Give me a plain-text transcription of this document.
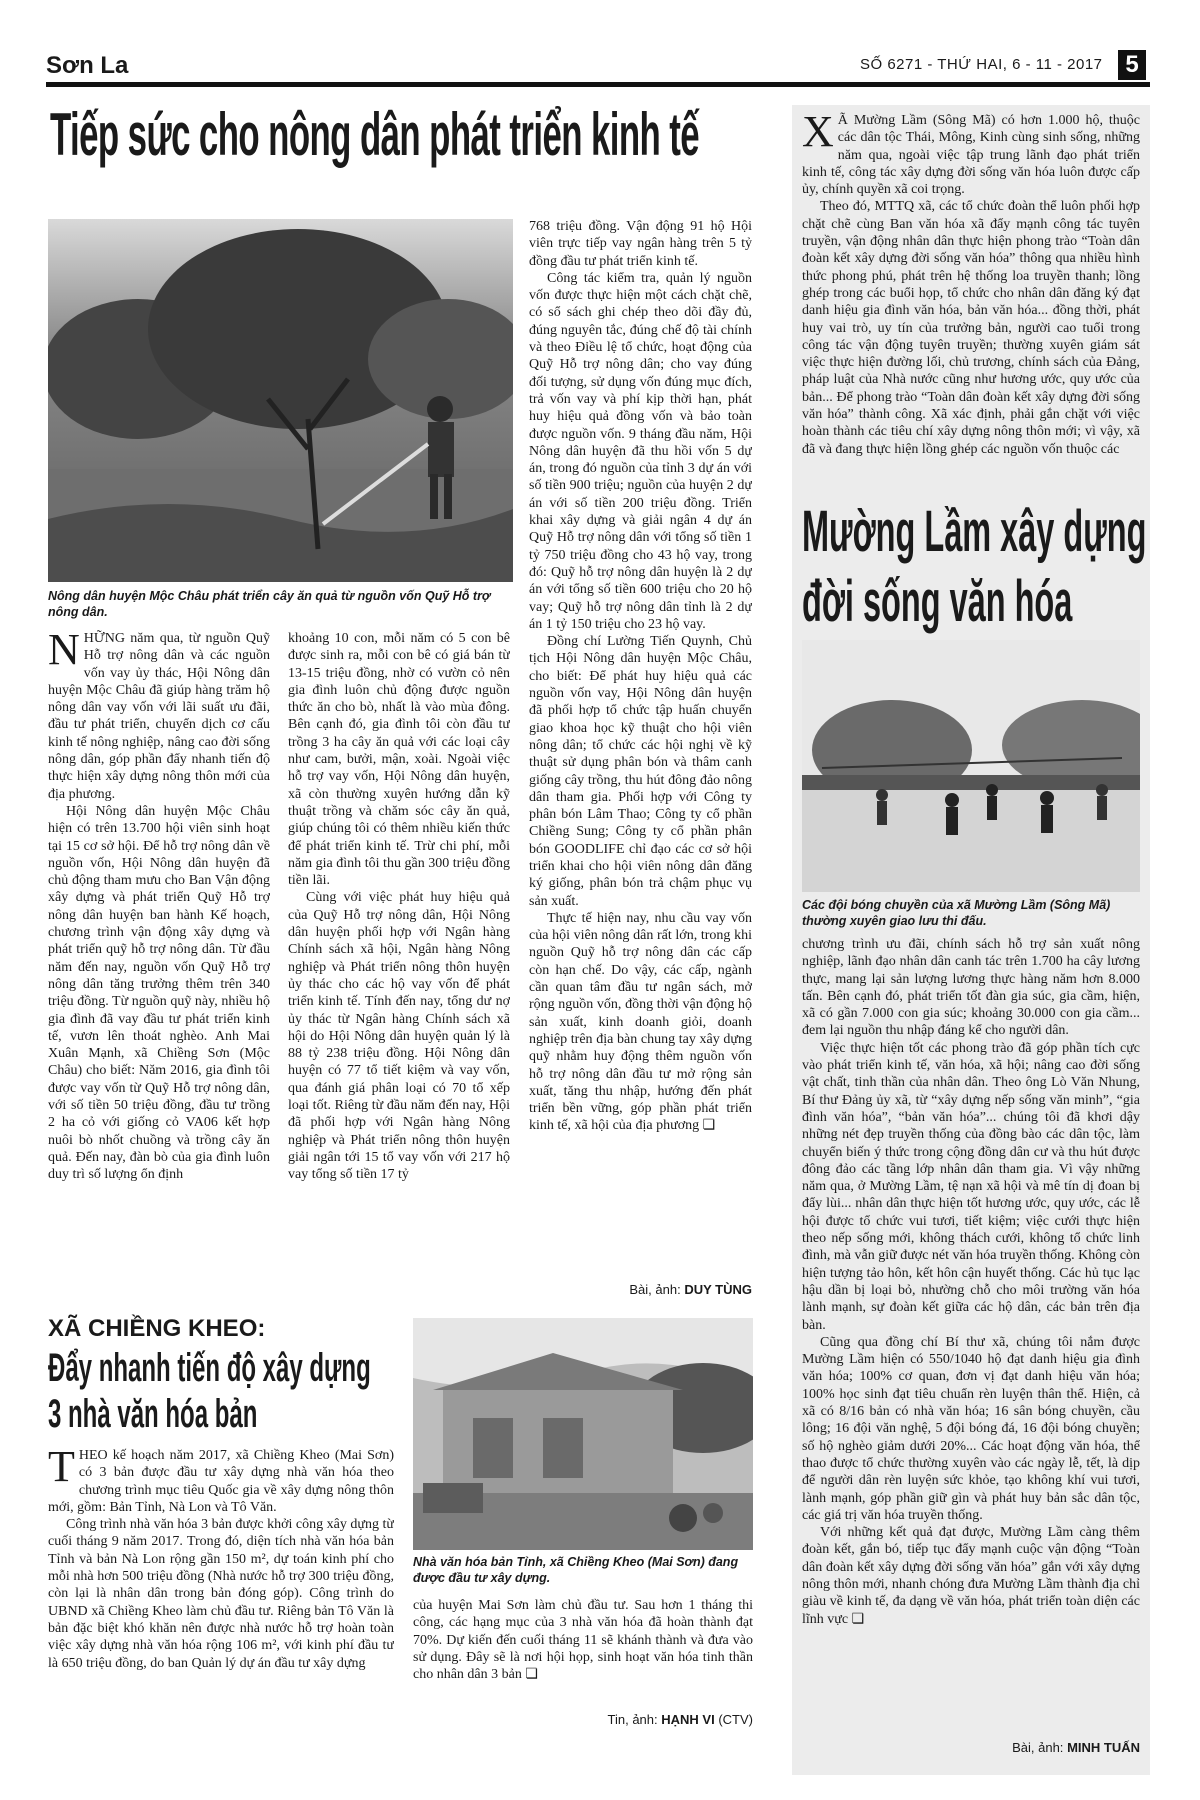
Sơn La	SỐ 6271 - THỨ HAI, 6 - 11 - 2017 5
Tiếp sức cho nông dân phát triển kinh tế
Nông dân huyện Mộc Châu phát triển cây ăn quả từ nguồn vốn Quỹ Hỗ trợ nông dân.

NHỮNG năm qua, từ nguồn Quỹ Hỗ trợ nông dân và các nguồn vốn vay ủy thác, Hội Nông dân huyện Mộc Châu đã giúp hàng trăm hộ nông dân vay vốn với lãi suất ưu đãi, đầu tư phát triển, chuyển dịch cơ cấu kinh tế nông nghiệp, nâng cao đời sống nông dân, góp phần đẩy nhanh tiến độ thực hiện xây dựng nông thôn mới của địa phương.

Hội Nông dân huyện Mộc Châu hiện có trên 13.700 hội viên sinh hoạt tại 15 cơ sở hội. Để hỗ trợ nông dân về nguồn vốn, Hội Nông dân huyện đã chủ động tham mưu cho Ban Vận động xây dựng và phát triển Quỹ Hỗ trợ nông dân huyện ban hành Kế hoạch, chương trình vận động xây dựng và phát triển quỹ hỗ trợ nông dân. Từ đầu năm đến nay, nguồn vốn Quỹ Hỗ trợ nông dân tăng trưởng thêm trên 340 triệu đồng. Từ nguồn quỹ này, nhiều hộ gia đình đã vay đầu tư phát triển kinh tế, vươn lên thoát nghèo. Anh Mai Xuân Mạnh, xã Chiềng Sơn (Mộc Châu) cho biết: Năm 2016, gia đình tôi được vay vốn từ Quỹ Hỗ trợ nông dân, với số tiền 50 triệu đồng, đầu tư trồng 2 ha cỏ với giống cỏ VA06 kết hợp nuôi bò nhốt chuồng và trồng cây ăn quả. Đến nay, đàn bò của gia đình luôn duy trì số lượng ổn định

khoảng 10 con, mỗi năm có 5 con bê được sinh ra, mỗi con bê có giá bán từ 13-15 triệu đồng, nhờ có vườn cỏ nên gia đình luôn chủ động được nguồn thức ăn cho bò, nhất là vào mùa đông. Bên cạnh đó, gia đình tôi còn đầu tư trồng 3 ha cây ăn quả với các loại cây như cam, bưởi, mận, xoài. Ngoài việc hỗ trợ vay vốn, Hội Nông dân huyện, xã còn thường xuyên hướng dẫn kỹ thuật trồng và chăm sóc cây ăn quả, giúp chúng tôi có thêm nhiều kiến thức để phát triển kinh tế. Trừ chi phí, mỗi năm gia đình tôi thu gần 300 triệu đồng tiền lãi.

Cùng với việc phát huy hiệu quả của Quỹ Hỗ trợ nông dân, Hội Nông dân huyện phối hợp với Ngân hàng Chính sách xã hội, Ngân hàng Nông nghiệp và Phát triển nông thôn huyện ủy thác cho các hộ vay vốn để phát triển kinh tế. Tính đến nay, tổng dư nợ ủy thác từ Ngân hàng Chính sách xã hội do Hội Nông dân huyện quản lý là 88 tỷ 238 triệu đồng. Hội Nông dân huyện có 77 tổ tiết kiệm và vay vốn, qua đánh giá phân loại có 70 tổ xếp loại tốt. Riêng từ đầu năm đến nay, Hội đã phối hợp với Ngân hàng Nông nghiệp và Phát triển nông thôn huyện giải ngân tới 15 tổ vay vốn với 217 hộ vay tổng số tiền 17 tỷ

768 triệu đồng. Vận động 91 hộ Hội viên trực tiếp vay ngân hàng trên 5 tỷ đồng đầu tư phát triển kinh tế.

Công tác kiểm tra, quản lý nguồn vốn được thực hiện một cách chặt chẽ, có sổ sách ghi chép theo dõi đầy đủ, đúng nguyên tắc, đúng chế độ tài chính và theo Điều lệ tổ chức, hoạt động của Quỹ Hỗ trợ nông dân; cho vay đúng đối tượng, sử dụng vốn đúng mục đích, trả vốn vay và phí kịp thời hạn, phát huy hiệu quả đồng vốn và bảo toàn được nguồn vốn. 9 tháng đầu năm, Hội Nông dân huyện đã thu hồi vốn 5 dự án, trong đó nguồn của tỉnh 3 dự án với số tiền 900 triệu; nguồn của huyện 2 dự án với số tiền 200 triệu đồng. Triển khai xây dựng và giải ngân 4 dự án Quỹ Hỗ trợ nông dân với tổng số tiền 1 tỷ 750 triệu đồng cho 43 hộ vay, trong đó: Quỹ hỗ trợ nông dân huyện là 2 dự án với tổng số tiền 600 triệu cho 20 hộ vay; Quỹ hỗ trợ nông dân tỉnh là 2 dự án 1 tỷ 150 triệu cho 23 hộ vay.

Đồng chí Lường Tiến Quynh, Chủ tịch Hội Nông dân huyện Mộc Châu, cho biết: Để phát huy hiệu quả các nguồn vốn vay, Hội Nông dân huyện đã phối hợp tổ chức tập huấn chuyển giao khoa học kỹ thuật cho hội viên nông dân; tổ chức các hội nghị về kỹ thuật sử dụng phân bón và thâm canh giống cây trồng, thu hút đông đảo nông dân tham gia. Phối hợp với Công ty phân bón Lâm Thao; Công ty cổ phần Chiềng Sung; Công ty cổ phần phân bón GOODLIFE chỉ đạo các cơ sở hội triển khai cho hội viên nông dân đăng ký giống, phân bón trả chậm phục vụ sản xuất.

Thực tế hiện nay, nhu cầu vay vốn của hội viên nông dân rất lớn, trong khi nguồn Quỹ hỗ trợ nông dân các cấp còn hạn chế. Do vậy, các cấp, ngành cần quan tâm đầu tư ngân sách, mở rộng nguồn vốn, đồng thời vận động hộ sản xuất, kinh doanh giỏi, doanh nghiệp trên địa bàn chung tay xây dựng quỹ nhằm huy động thêm nguồn vốn hỗ trợ nông dân đầu tư mở rộng sản xuất, tăng thu nhập, hướng đến phát triển bền vững, góp phần phát triển kinh tế, xã hội của địa phương ❏

Bài, ảnh: DUY TÙNG
XÃ CHIỀNG KHEO:
Đẩy nhanh tiến độ xây dựng
3 nhà văn hóa bản
Nhà văn hóa bản Tỉnh, xã Chiềng Kheo (Mai Sơn) đang được đầu tư xây dựng.

THEO kế hoạch năm 2017, xã Chiềng Kheo (Mai Sơn) có 3 bản được đầu tư xây dựng nhà văn hóa theo chương trình mục tiêu Quốc gia về xây dựng nông thôn mới, gồm: Bản Tỉnh, Nà Lon và Tô Văn.

Công trình nhà văn hóa 3 bản được khởi công xây dựng từ cuối tháng 9 năm 2017. Trong đó, diện tích nhà văn hóa bản Tỉnh và bản Nà Lon rộng gần 150 m², dự toán kinh phí cho mỗi nhà hơn 500 triệu đồng (Nhà nước hỗ trợ 300 triệu đồng, còn lại là nhân dân trong bản đóng góp). Công trình do UBND xã Chiềng Kheo làm chủ đầu tư. Riêng bản Tô Văn là bản đặc biệt khó khăn nên được nhà nước hỗ trợ hoàn toàn việc xây dựng nhà văn hóa rộng 106 m², với kinh phí đầu tư là 650 triệu đồng, do ban Quản lý dự án đầu tư xây dựng

của huyện Mai Sơn làm chủ đầu tư. Sau hơn 1 tháng thi công, các hạng mục của 3 nhà văn hóa đã hoàn thành đạt 70%. Dự kiến đến cuối tháng 11 sẽ khánh thành và đưa vào sử dụng. Đây sẽ là nơi hội họp, sinh hoạt văn hóa tinh thần cho nhân dân 3 bản ❏

Tin, ảnh: HẠNH VI (CTV)

X Ã Mường Lầm (Sông Mã) có hơn 1.000 hộ, thuộc các dân tộc Thái, Mông, Kinh cùng sinh sống, những năm qua, ngoài việc tập trung lãnh đạo phát triển kinh tế, công tác xây dựng đời sống văn hóa luôn được cấp ủy, chính quyền xã coi trọng.

Theo đó, MTTQ xã, các tổ chức đoàn thể luôn phối hợp chặt chẽ cùng Ban văn hóa xã đẩy mạnh công tác tuyên truyền, vận động nhân dân thực hiện phong trào “Toàn dân đoàn kết xây dựng đời sống văn hóa” thông qua nhiều hình thức phong phú, phát trên hệ thống loa truyền thanh; lồng ghép trong các buổi họp, tổ chức cho nhân dân đăng ký đạt danh hiệu gia đình văn hóa, bản văn hóa... đồng thời, phát huy vai trò, uy tín của trưởng bản, người cao tuổi trong công tác vận động tuyên truyền; thường xuyên giám sát việc thực hiện đường lối, chủ trương, chính sách của Đảng, pháp luật của Nhà nước cũng như hương ước, quy ước của bản... Để phong trào “Toàn dân đoàn kết xây dựng đời sống văn hóa” thành công. Xã xác định, phải gắn chặt với việc hoàn thành các tiêu chí xây dựng nông thôn mới; vì vậy, xã đã và đang thực hiện lồng ghép các nguồn vốn thuộc các

Mường Lầm xây dựng
đời sống văn hóa
Các đội bóng chuyền của xã Mường Lầm (Sông Mã) thường xuyên giao lưu thi đấu.

chương trình ưu đãi, chính sách hỗ trợ sản xuất nông nghiệp, lãnh đạo nhân dân canh tác trên 1.700 ha cây lương thực, mang lại sản lượng lương thực hàng năm hơn 8.000 tấn. Bên cạnh đó, phát triển tốt đàn gia súc, gia cầm, hiện, xã có gần 7.000 con gia súc; khoảng 30.000 con gia cầm... đem lại nguồn thu nhập đáng kể cho người dân.

Việc thực hiện tốt các phong trào đã góp phần tích cực vào phát triển kinh tế, văn hóa, xã hội; nâng cao đời sống vật chất, tinh thần của nhân dân. Theo ông Lò Văn Nhung, Bí thư Đảng ủy xã, từ “xây dựng nếp sống văn minh”, “gia đình văn hóa”, “bản văn hóa”... chúng tôi đã khơi dậy những nét đẹp truyền thống của đồng bào các dân tộc, làm chuyển biến ý thức trong cộng đồng dân cư và thu hút được đông đảo các tầng lớp nhân dân tham gia. Vì vậy những năm qua, ở Mường Lầm, tệ nạn xã hội và mê tín dị đoan bị đẩy lùi... nhân dân thực hiện tốt hương ước, quy ước, các lễ hội được tổ chức vui tươi, tiết kiệm; việc cưới thực hiện theo nếp sống mới, không thách cưới, không tổ chức linh đình, mà vẫn giữ được nét văn hóa truyền thống. Không còn hiện tượng tảo hôn, kết hôn cận huyết thống. Các hủ tục lạc hậu dần bị loại bỏ, nhường chỗ cho môi trường văn hóa lành mạnh, sự đoàn kết giữa các hộ dân, các bản trên địa bàn.

Cũng qua đồng chí Bí thư xã, chúng tôi nắm được Mường Lầm hiện có 550/1040 hộ đạt danh hiệu gia đình văn hóa; 100% cơ quan, đơn vị đạt danh hiệu văn hóa; 100% học sinh đạt tiêu chuẩn rèn luyện thân thể. Hiện, cả xã có 8/16 bản có nhà văn hóa; 16 sân bóng chuyền, cầu lông; 16 đội văn nghệ, 5 đội bóng đá, 16 đội bóng chuyền; số hộ nghèo giảm dưới 20%... Các hoạt động văn hóa, thể thao được tổ chức thường xuyên vào các ngày lễ, tết, là dịp để người dân rèn luyện sức khỏe, tạo không khí vui tươi, lành mạnh, góp phần giữ gìn và phát huy bản sắc dân tộc, các giá trị văn hóa truyền thống.

Với những kết quả đạt được, Mường Lầm càng thêm đoàn kết, gắn bó, tiếp tục đẩy mạnh cuộc vận động “Toàn dân đoàn kết xây dựng đời sống văn hóa” gắn với xây dựng nông thôn mới, nhanh chóng đưa Mường Lầm thành địa chỉ giàu về kinh tế, đa dạng về văn hóa, phát triển toàn diện các lĩnh vực ❏

Bài, ảnh: MINH TUẤN
